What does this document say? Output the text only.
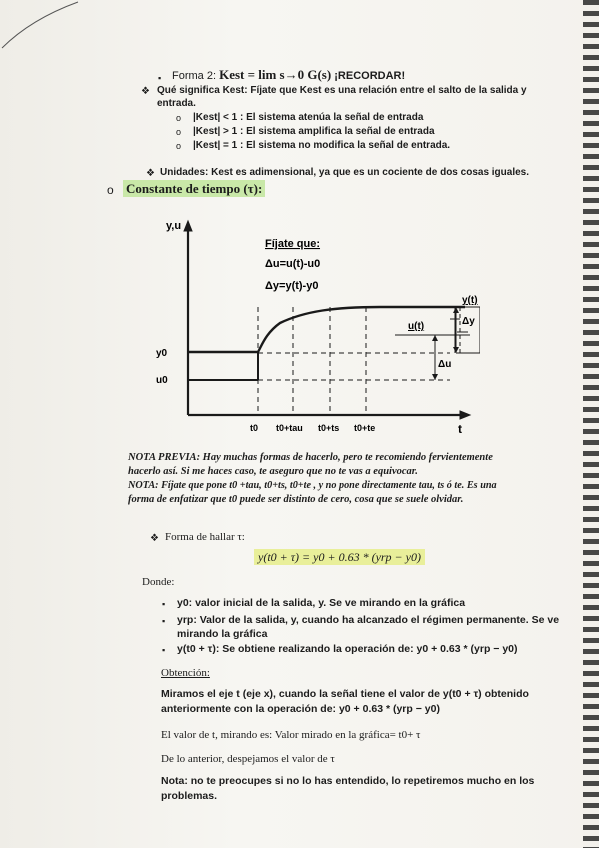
▪ Forma 2: Kest = lim s→0 G(s) ¡RECORDAR!
❖ Qué significa Kest: Fíjate que Kest es una relación entre el salto de la salida y
entrada.
o |Kest| < 1 : El sistema atenúa la señal de entrada
o |Kest| > 1 : El sistema amplifica la señal de entrada
o |Kest| = 1 : El sistema no modifica la señal de entrada.
❖ Unidades: Kest es adimensional, ya que es un cociente de dos cosas iguales.
o Constante de tiempo (τ):
y,u
t
Fíjate que:
Δu=u(t)-u0
Δy=y(t)-y0
y0
u0
y(t)
u(t)	Δy
Δu
t0 t0+tau t0+ts t0+te
NOTA PREVIA: Hay muchas formas de hacerlo, pero te recomiendo fervientemente
hacerlo así. Si me haces caso, te aseguro que no te vas a equivocar.
NOTA: Fíjate que pone t0 +tau, t0+ts, t0+te , y no pone directamente tau, ts ó te. Es una
forma de enfatizar que t0 puede ser distinto de cero, cosa que se suele olvidar.
❖ Forma de hallar τ:
y(t0 + τ) = y0 + 0.63 * (yrp − y0)
Donde:
▪ y0: valor inicial de la salida, y. Se ve mirando en la gráfica
▪ yrp: Valor de la salida, y, cuando ha alcanzado el régimen permanente. Se ve
mirando la gráfica
▪ y(t0 + τ): Se obtiene realizando la operación de: y0 + 0.63 * (yrp − y0)
Obtención:
Miramos el eje t (eje x), cuando la señal tiene el valor de y(t0 + τ) obtenido
anteriormente con la operación de: y0 + 0.63 * (yrp − y0)
El valor de t, mirando es: Valor mirado en la gráfica= t0+ τ
De lo anterior, despejamos el valor de τ
Nota: no te preocupes si no lo has entendido, lo repetiremos mucho en los
problemas.
